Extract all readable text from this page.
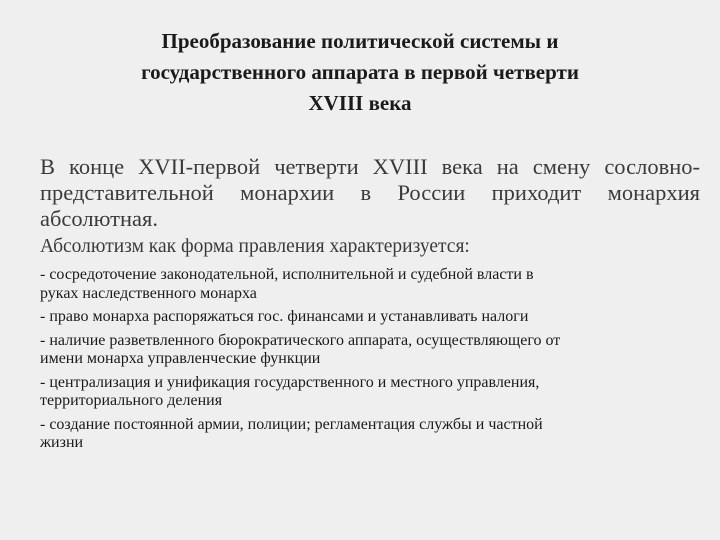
Преобразование политической системы и
государственного аппарата в первой четверти
XVIII века
В конце XVII-первой четверти XVIII века на смену сословно-
представительной монархии в России приходит монархия
абсолютная.
Абсолютизм как форма правления характеризуется:
- сосредоточение законодательной, исполнительной и судебной власти в
руках наследственного монарха
- право монарха распоряжаться гос. финансами и устанавливать налоги
- наличие разветвленного бюрократического аппарата, осуществляющего от
имени монарха управленческие функции
- централизация и унификация государственного и местного управления,
территориального деления
- создание постоянной армии, полиции; регламентация службы и частной
жизни
